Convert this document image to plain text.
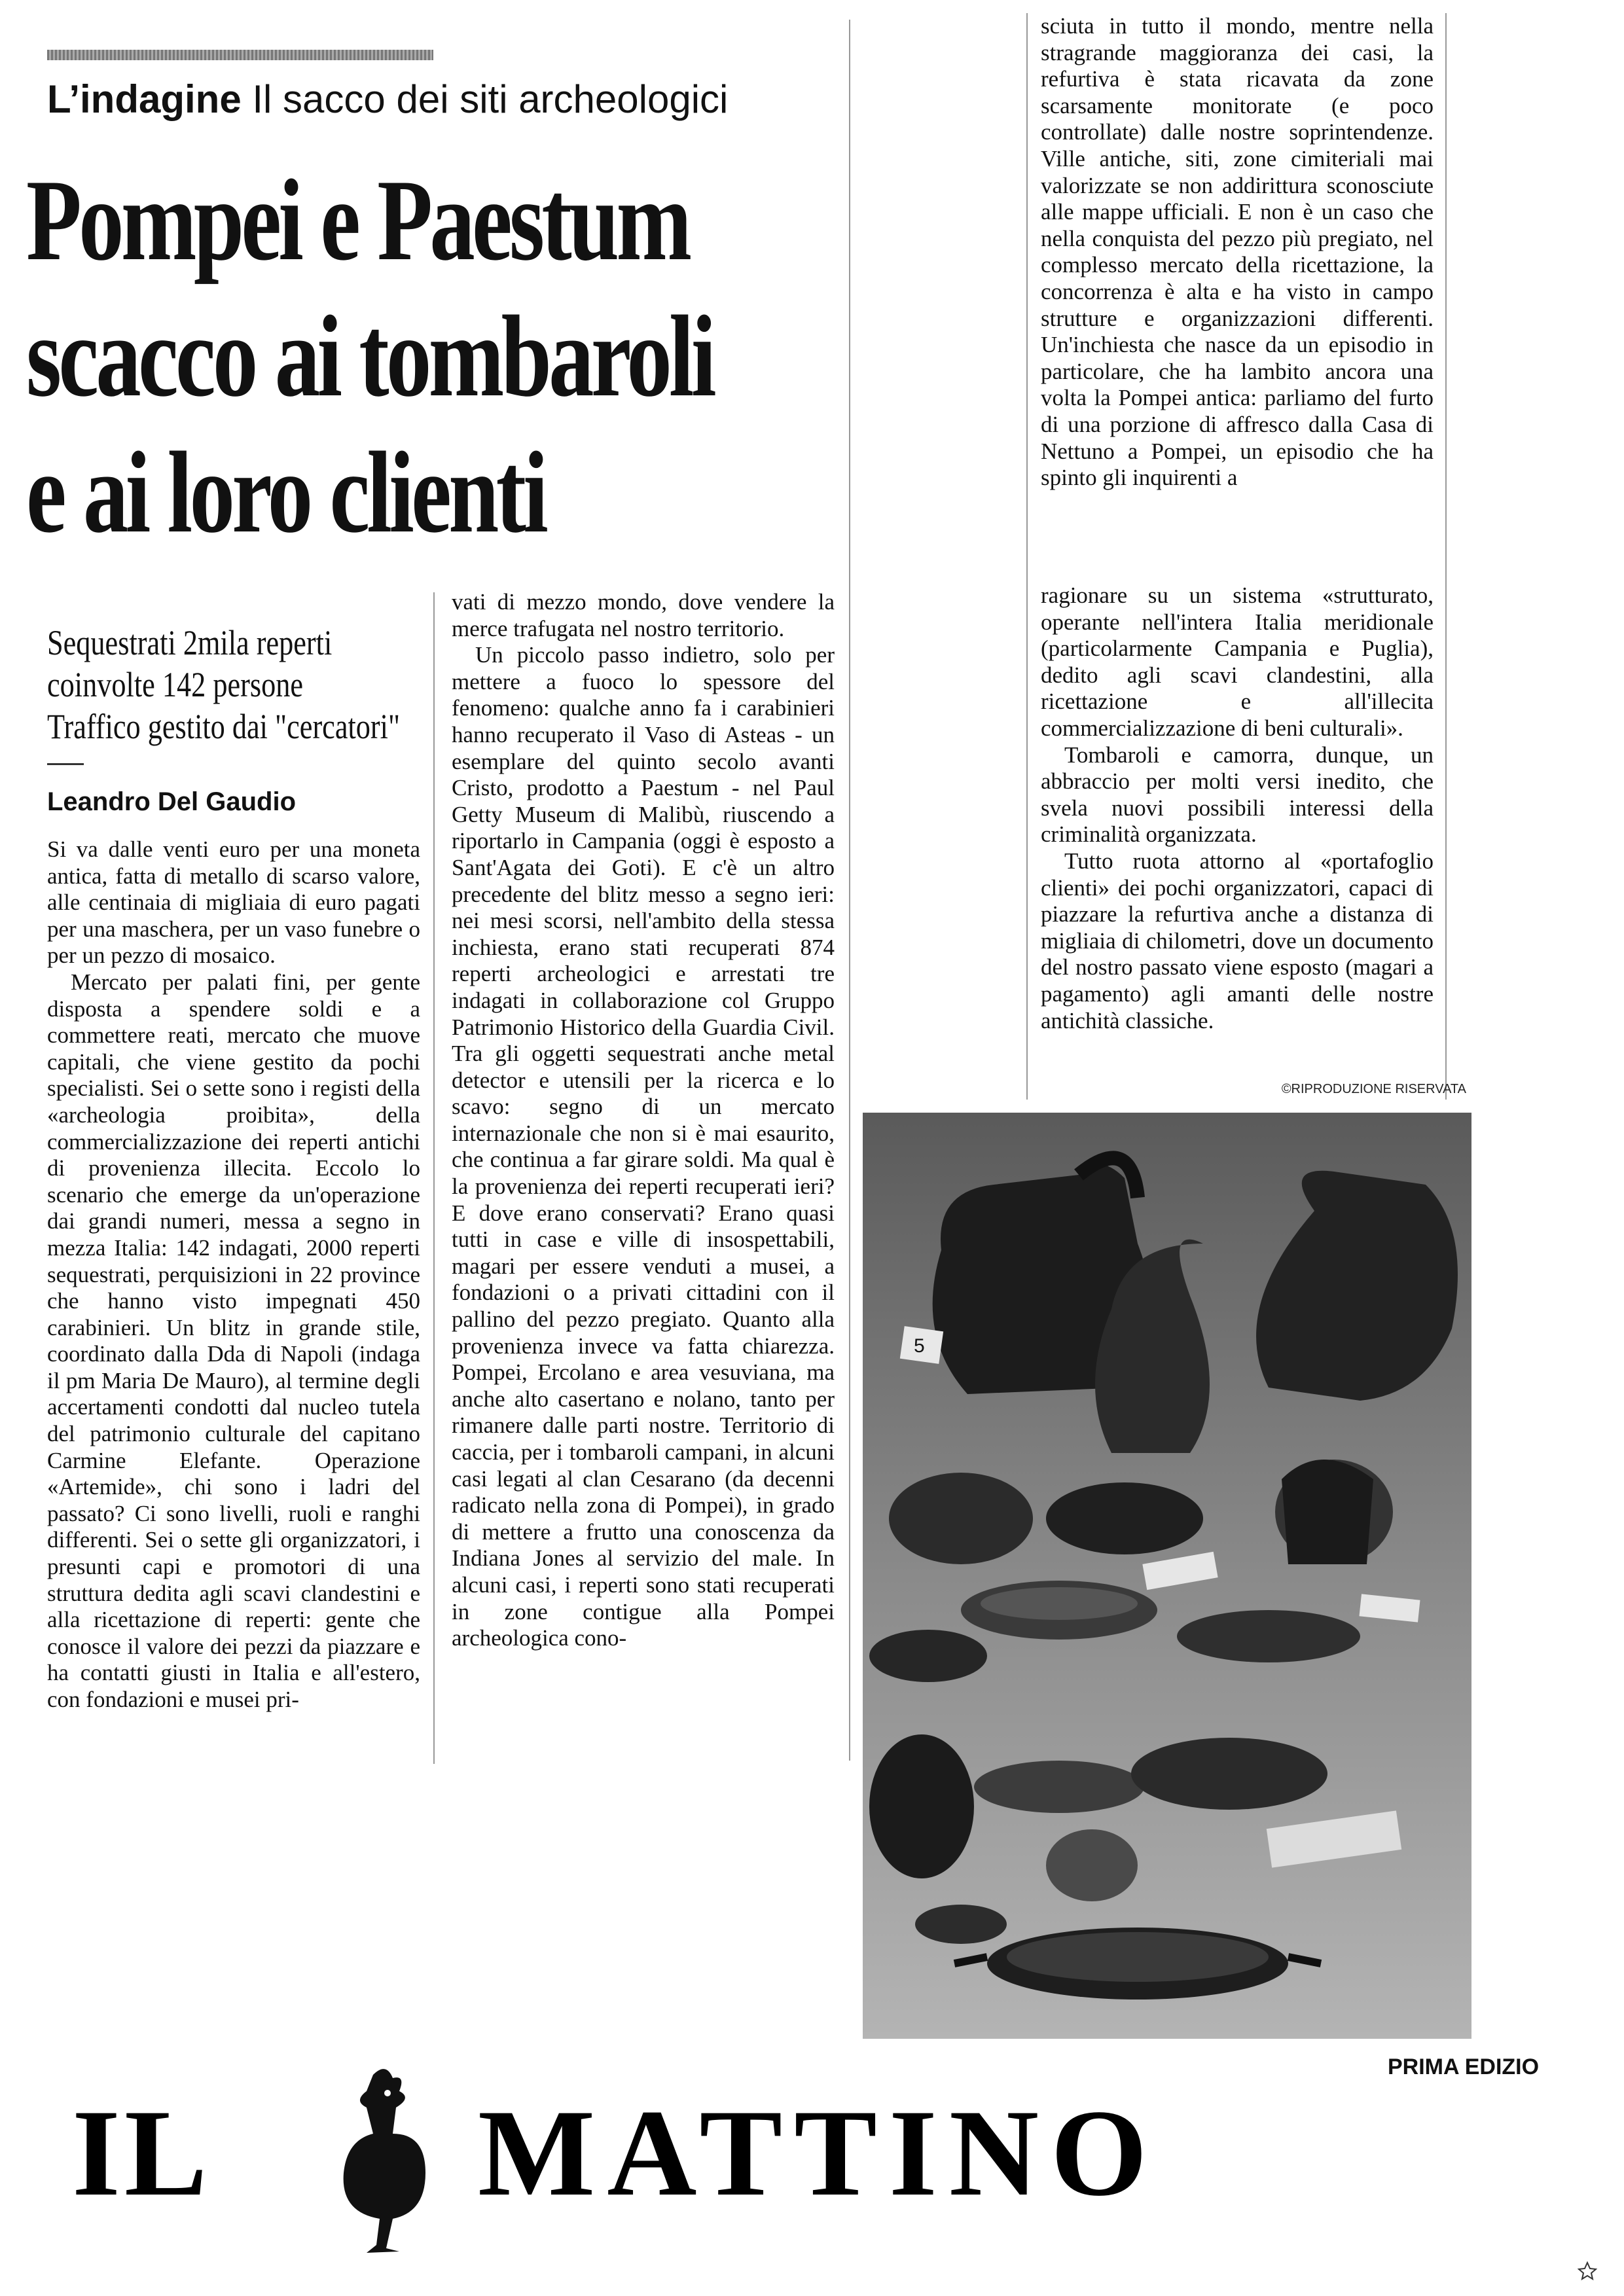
L’indagine Il sacco dei siti archeologici
Pompei e Paestum
scacco ai tombaroli
e ai loro clienti
Sequestrati 2mila reperti
coinvolte 142 persone
Traffico gestito dai "cercatori"
Leandro Del Gaudio

Si va dalle venti euro per una moneta antica, fatta di metallo di scarso valore, alle centinaia di migliaia di euro pagati per una maschera, per un vaso funebre o per un pezzo di mosaico.

Mercato per palati fini, per gente disposta a spendere soldi e a commettere reati, mercato che muove capitali, che viene gestito da pochi specialisti. Sei o sette sono i registi della «archeologia proibita», della commercializzazione dei reperti antichi di provenienza illecita. Eccolo lo scenario che emerge da un'operazione dai grandi numeri, messa a segno in mezza Italia: 142 indagati, 2000 reperti sequestrati, perquisizioni in 22 province che hanno visto impegnati 450 carabinieri. Un blitz in grande stile, coordinato dalla Dda di Napoli (indaga il pm Maria De Mauro), al termine degli accertamenti condotti dal nucleo tutela del patrimonio culturale del capitano Carmine Elefante. Operazione «Artemide», chi sono i ladri del passato? Ci sono livelli, ruoli e ranghi differenti. Sei o sette gli organizzatori, i presunti capi e promotori di una struttura dedita agli scavi clandestini e alla ricettazione di reperti: gente che conosce il valore dei pezzi da piazzare e ha contatti giusti in Italia e all'estero, con fondazioni e musei pri-

vati di mezzo mondo, dove vendere la merce trafugata nel nostro territorio.

Un piccolo passo indietro, solo per mettere a fuoco lo spessore del fenomeno: qualche anno fa i carabinieri hanno recuperato il Vaso di Asteas - un esemplare del quinto secolo avanti Cristo, prodotto a Paestum - nel Paul Getty Museum di Malibù, riuscendo a riportarlo in Campania (oggi è esposto a Sant'Agata dei Goti). E c'è un altro precedente del blitz messo a segno ieri: nei mesi scorsi, nell'ambito della stessa inchiesta, erano stati recuperati 874 reperti archeologici e arrestati tre indagati in collaborazione col Gruppo Patrimonio Historico della Guardia Civil. Tra gli oggetti sequestrati anche metal detector e utensili per la ricerca e lo scavo: segno di un mercato internazionale che non si è mai esaurito, che continua a far girare soldi. Ma qual è la provenienza dei reperti recuperati ieri? E dove erano conservati? Erano quasi tutti in case e ville di insospettabili, magari per essere venduti a musei, a fondazioni o a privati cittadini con il pallino del pezzo pregiato. Quanto alla provenienza invece va fatta chiarezza. Pompei, Ercolano e area vesuviana, ma anche alto casertano e nolano, tanto per rimanere dalle parti nostre. Territorio di caccia, per i tombaroli campani, in alcuni casi legati al clan Cesarano (da decenni radicato nella zona di Pompei), in grado di mettere a frutto una conoscenza da Indiana Jones al servizio del male. In alcuni casi, i reperti sono stati recuperati in zone contigue alla Pompei archeologica cono-

sciuta in tutto il mondo, mentre nella stragrande maggioranza dei casi, la refurtiva è stata ricavata da zone scarsamente monitorate (e poco controllate) dalle nostre soprintendenze. Ville antiche, siti, zone cimiteriali mai valorizzate se non addirittura sconosciute alle mappe ufficiali. E non è un caso che nella conquista del pezzo più pregiato, nel complesso mercato della ricettazione, la concorrenza è alta e ha visto in campo strutture e organizzazioni differenti. Un'inchiesta che nasce da un episodio in particolare, che ha lambito ancora una volta la Pompei antica: parliamo del furto di una porzione di affresco dalla Casa di Nettuno a Pompei, un episodio che ha spinto gli inquirenti a

ragionare su un sistema «strutturato, operante nell'intera Italia meridionale (particolarmente Campania e Puglia), dedito agli scavi clandestini, alla ricettazione e all'illecita commercializzazione di beni culturali».

Tombaroli e camorra, dunque, un abbraccio per molti versi inedito, che svela nuovi possibili interessi della criminalità organizzata.

Tutto ruota attorno al «portafoglio clienti» dei pochi organizzatori, capaci di piazzare la refurtiva anche a distanza di migliaia di chilometri, dove un documento del nostro passato viene esposto (magari a pagamento) agli amanti delle nostre antichità classiche.

©RIPRODUZIONE RISERVATA
5
PRIMA EDIZIO
IL MATTINO
